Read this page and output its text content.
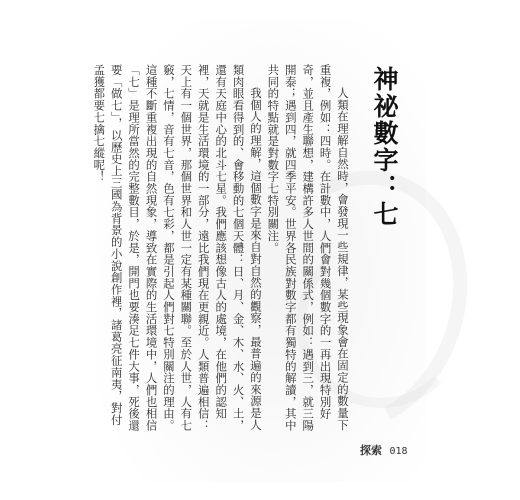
神祕數字：七

人類在理解自然時，會發現一些規律，某些現象會在固定的數量下重複，例如：四時。在計數中，人們會對幾個數字的一再出現特別好奇，並且產生聯想，建構許多人世間的關係式，例如：遇到三，就三陽開泰；遇到四，就四季平安。世界各民族對數字都有獨特的解讀，其中共同的特點就是對數字七特別關注。

我個人的理解，這個數字是來自對自然的觀察，最普遍的來源是人類肉眼看得到的、會移動的七個天體：日、月、金、木、水、火、土，還有天庭中心的北斗七星。我們應該想像古人的處境，在他們的認知裡，天就是生活環境的一部分，遠比我們現在更親近。人類普遍相信：天上有一個世界，那個世界和人世一定有某種關聯。至於人世，人有七竅，七情，音有七音，色有七彩，都是引起人們對七特別關注的理由。這種不斷重複出現的自然現象，導致在實際的生活環境中，人們也相信「七」是理所當然的完整數目，於是，開門也要湊足七件大事，死後還要「做七」，以歷史上三國為背景的小說創作裡，諸葛亮征南夷，對付孟獲都要七擒七縱呢！

探索 018
